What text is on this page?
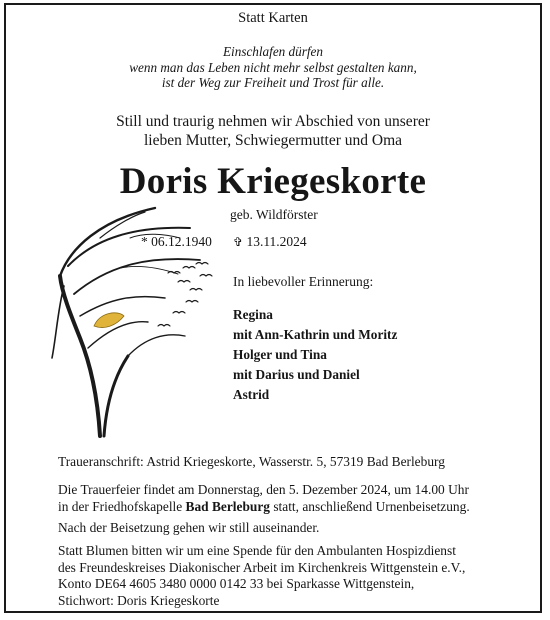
Statt Karten
Einschlafen dürfen
wenn man das Leben nicht mehr selbst gestalten kann,
ist der Weg zur Freiheit und Trost für alle.
Still und traurig nehmen wir Abschied von unserer
lieben Mutter, Schwiegermutter und Oma
Doris Kriegeskorte
geb. Wildförster
* 06.12.1940 ✞ 13.11.2024
In liebevoller Erinnerung:
Regina
mit Ann-Kathrin und Moritz
Holger und Tina
mit Darius und Daniel
Astrid
Traueranschrift: Astrid Kriegeskorte, Wasserstr. 5, 57319 Bad Berleburg
Die Trauerfeier findet am Donnerstag, den 5. Dezember 2024, um 14.00 Uhr
in der Friedhofskapelle Bad Berleburg statt, anschließend Urnenbeisetzung.
Nach der Beisetzung gehen wir still auseinander.
Statt Blumen bitten wir um eine Spende für den Ambulanten Hospizdienst
des Freundeskreises Diakonischer Arbeit im Kirchenkreis Wittgenstein e.V.,
Konto DE64 4605 3480 0000 0142 33 bei Sparkasse Wittgenstein,
Stichwort: Doris Kriegeskorte
